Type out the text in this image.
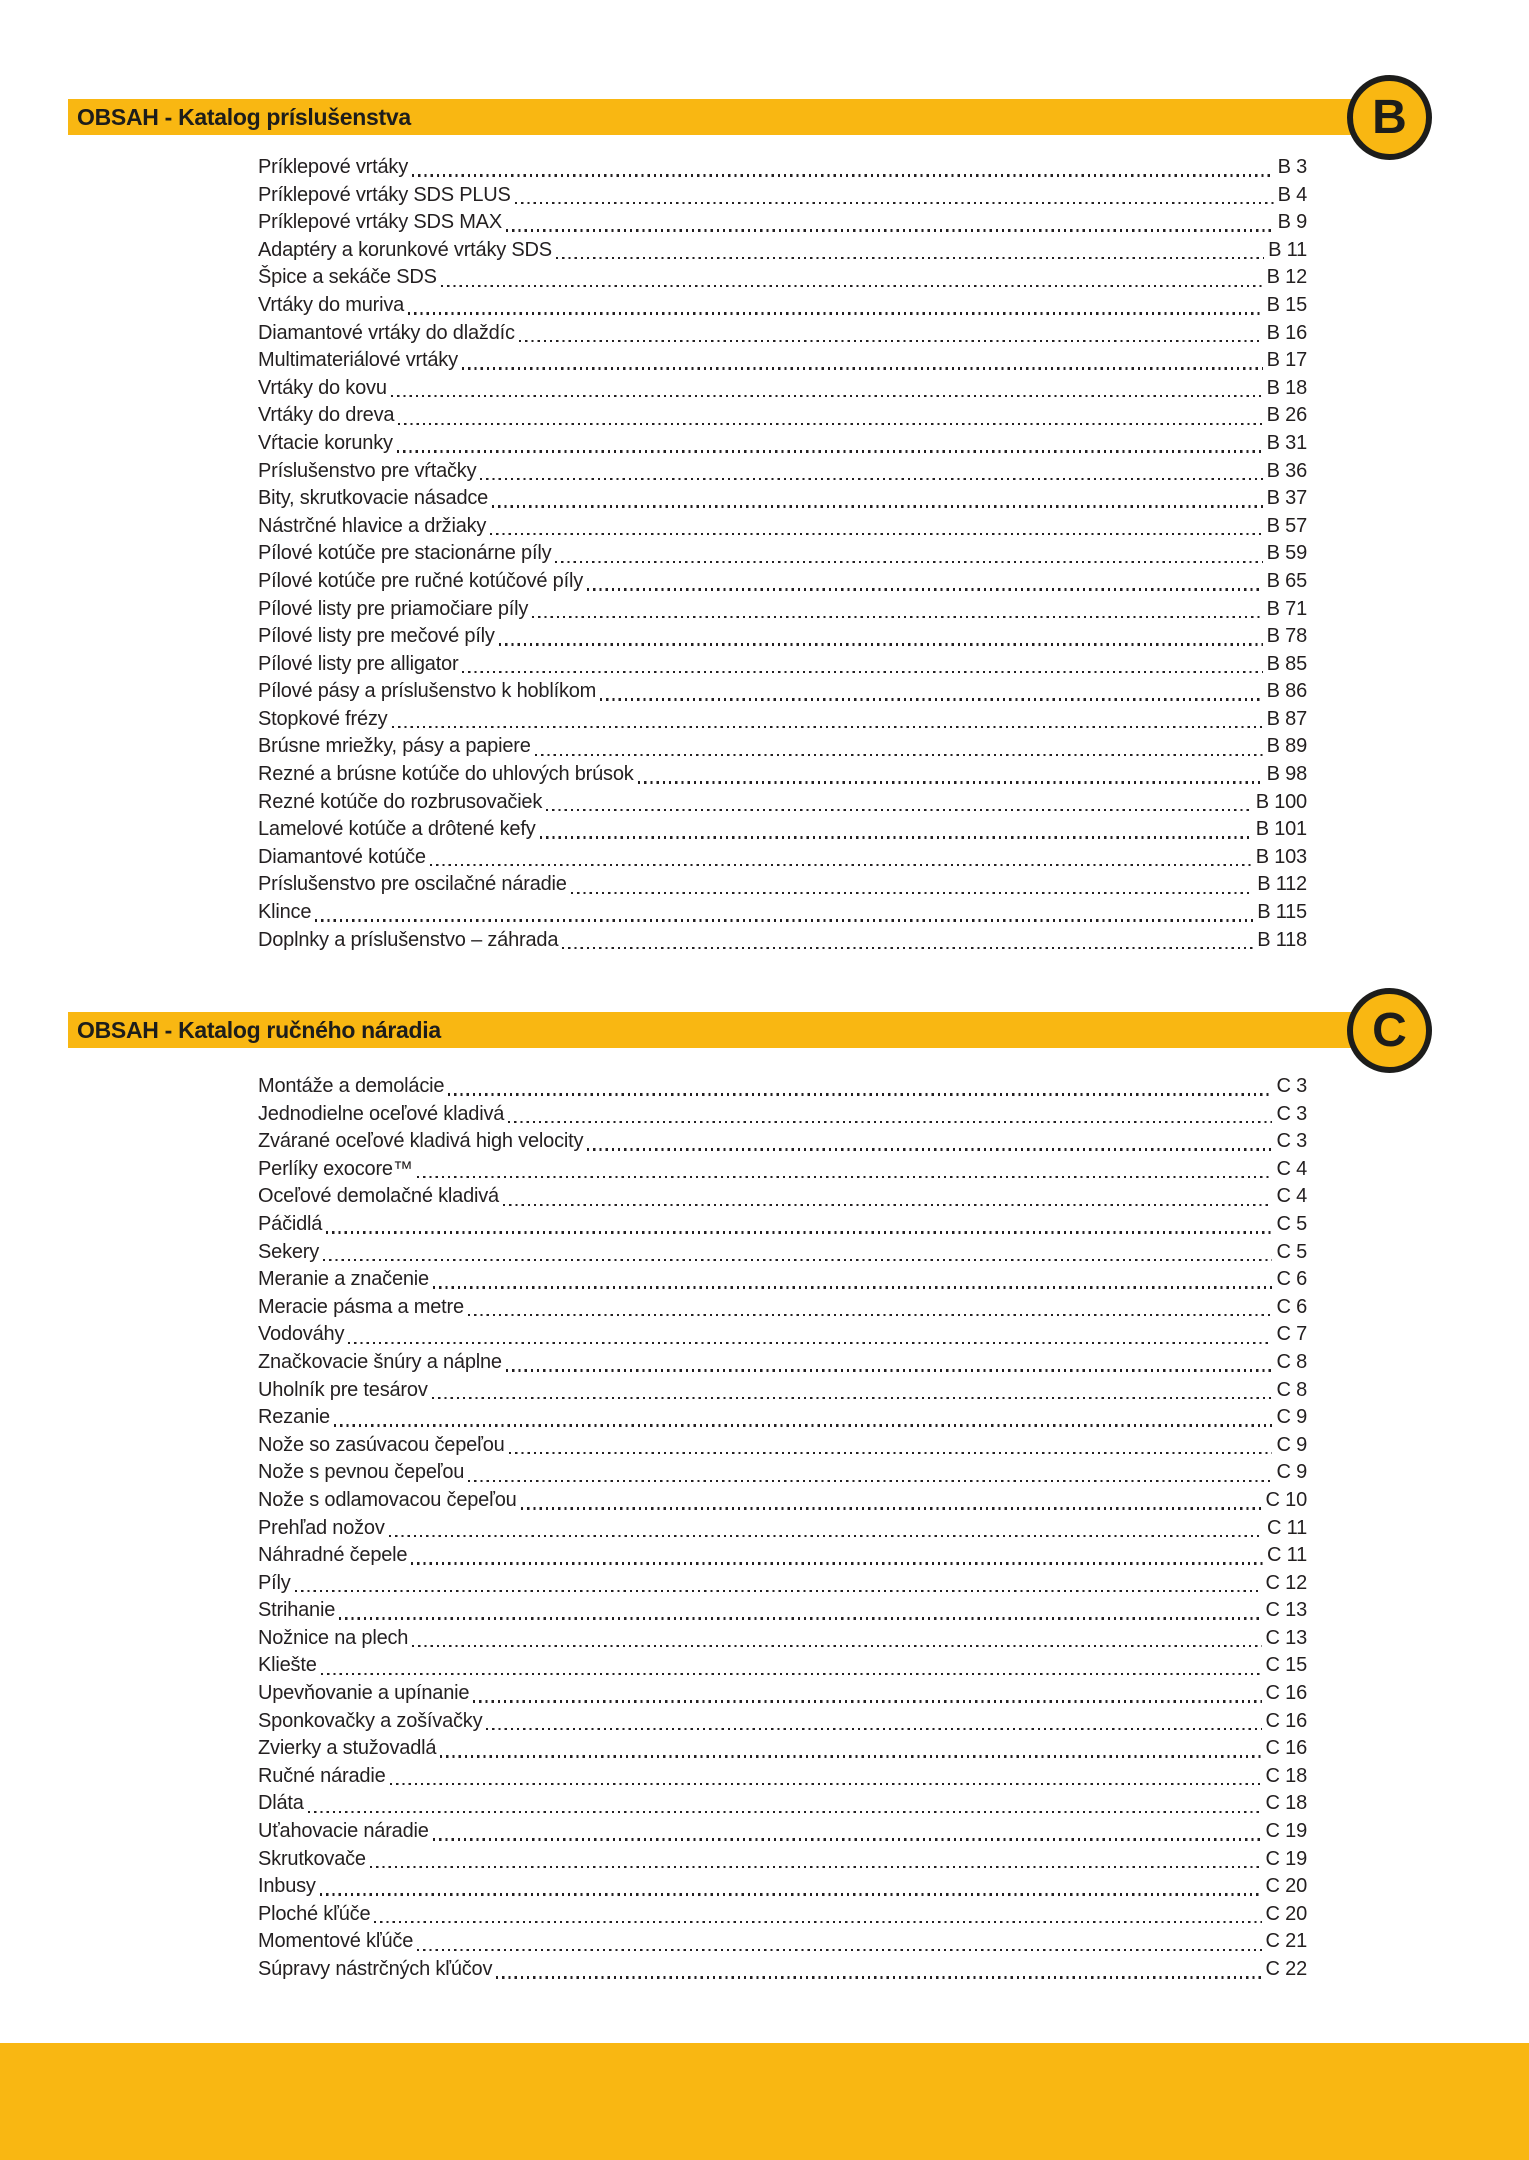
OBSAH - Katalog príslušenstva	B
Príklepové vrtáky	B 3
Príklepové vrtáky SDS PLUS	B 4
Príklepové vrtáky SDS MAX	B 9
Adaptéry a korunkové vrtáky SDS	B 11
Špice a sekáče SDS	B 12
Vrtáky do muriva	B 15
Diamantové vrtáky do dlaždíc	B 16
Multimateriálové vrtáky	B 17
Vrtáky do kovu	B 18
Vrtáky do dreva	B 26
Vŕtacie korunky	B 31
Príslušenstvo pre vŕtačky	B 36
Bity, skrutkovacie násadce	B 37
Nástrčné hlavice a držiaky	B 57
Pílové kotúče pre stacionárne píly	B 59
Pílové kotúče pre ručné kotúčové píly	B 65
Pílové listy pre priamočiare píly	B 71
Pílové listy pre mečové píly	B 78
Pílové listy pre alligator	B 85
Pílové pásy a príslušenstvo k hoblíkom	B 86
Stopkové frézy	B 87
Brúsne mriežky, pásy a papiere	B 89
Rezné a brúsne kotúče do uhlových brúsok	B 98
Rezné kotúče do rozbrusovačiek	B 100
Lamelové kotúče a drôtené kefy	B 101
Diamantové kotúče	B 103
Príslušenstvo pre oscilačné náradie	B 112
Klince	B 115
Doplnky a príslušenstvo – záhrada	B 118
OBSAH - Katalog ručného náradia	C
Montáže a demolácie	C 3
Jednodielne oceľové kladivá	C 3
Zvárané oceľové kladivá high velocity	C 3
Perlíky exocore™	C 4
Oceľové demolačné kladivá	C 4
Páčidlá	C 5
Sekery	C 5
Meranie a značenie	C 6
Meracie pásma a metre	C 6
Vodováhy	C 7
Značkovacie šnúry a náplne	C 8
Uholník pre tesárov	C 8
Rezanie	C 9
Nože so zasúvacou čepeľou	C 9
Nože s pevnou čepeľou	C 9
Nože s odlamovacou čepeľou	C 10
Prehľad nožov	C 11
Náhradné čepele	C 11
Píly	C 12
Strihanie	C 13
Nožnice na plech	C 13
Kliešte	C 15
Upevňovanie a upínanie	C 16
Sponkovačky a zošívačky	C 16
Zvierky a stužovadlá	C 16
Ručné náradie	C 18
Dláta	C 18
Uťahovacie náradie	C 19
Skrutkovače	C 19
Inbusy	C 20
Ploché kľúče	C 20
Momentové kľúče	C 21
Súpravy nástrčných kľúčov	C 22
